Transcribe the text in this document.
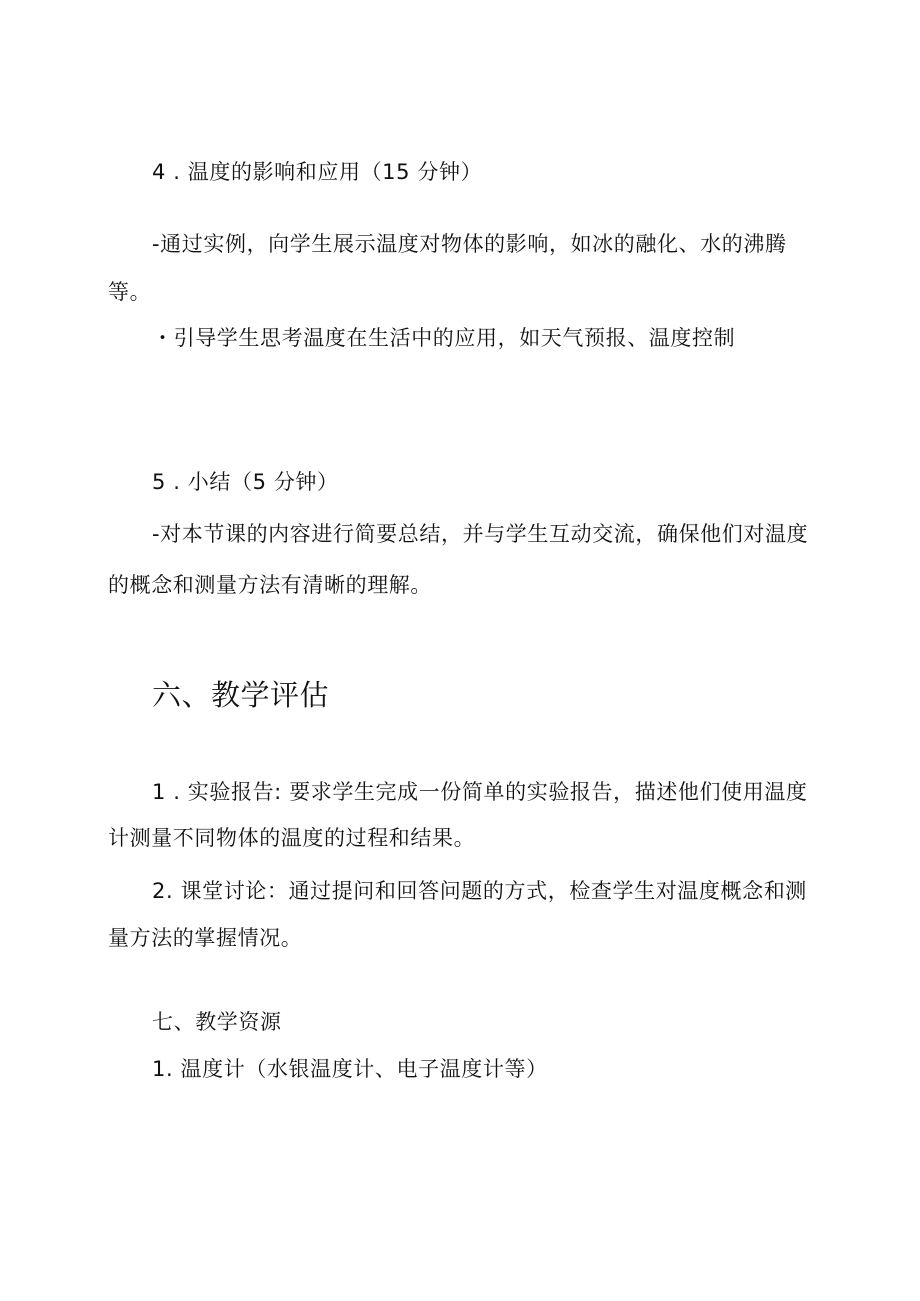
4 . 温度的影响和应用（15 分钟）
-通过实例，向学生展示温度对物体的影响，如冰的融化、水的沸腾
等。
・引导学生思考温度在生活中的应用，如天气预报、温度控制
5 . 小结（5 分钟）
-对本节课的内容进行简要总结，并与学生互动交流，确保他们对温度
的概念和测量方法有清晰的理解。
六、教学评估
1 . 实验报告: 要求学生完成一份简单的实验报告，描述他们使用温度
计测量不同物体的温度的过程和结果。
2. 课堂讨论：通过提问和回答问题的方式，检查学生对温度概念和测
量方法的掌握情况。
七、教学资源
1. 温度计（水银温度计、电子温度计等）
